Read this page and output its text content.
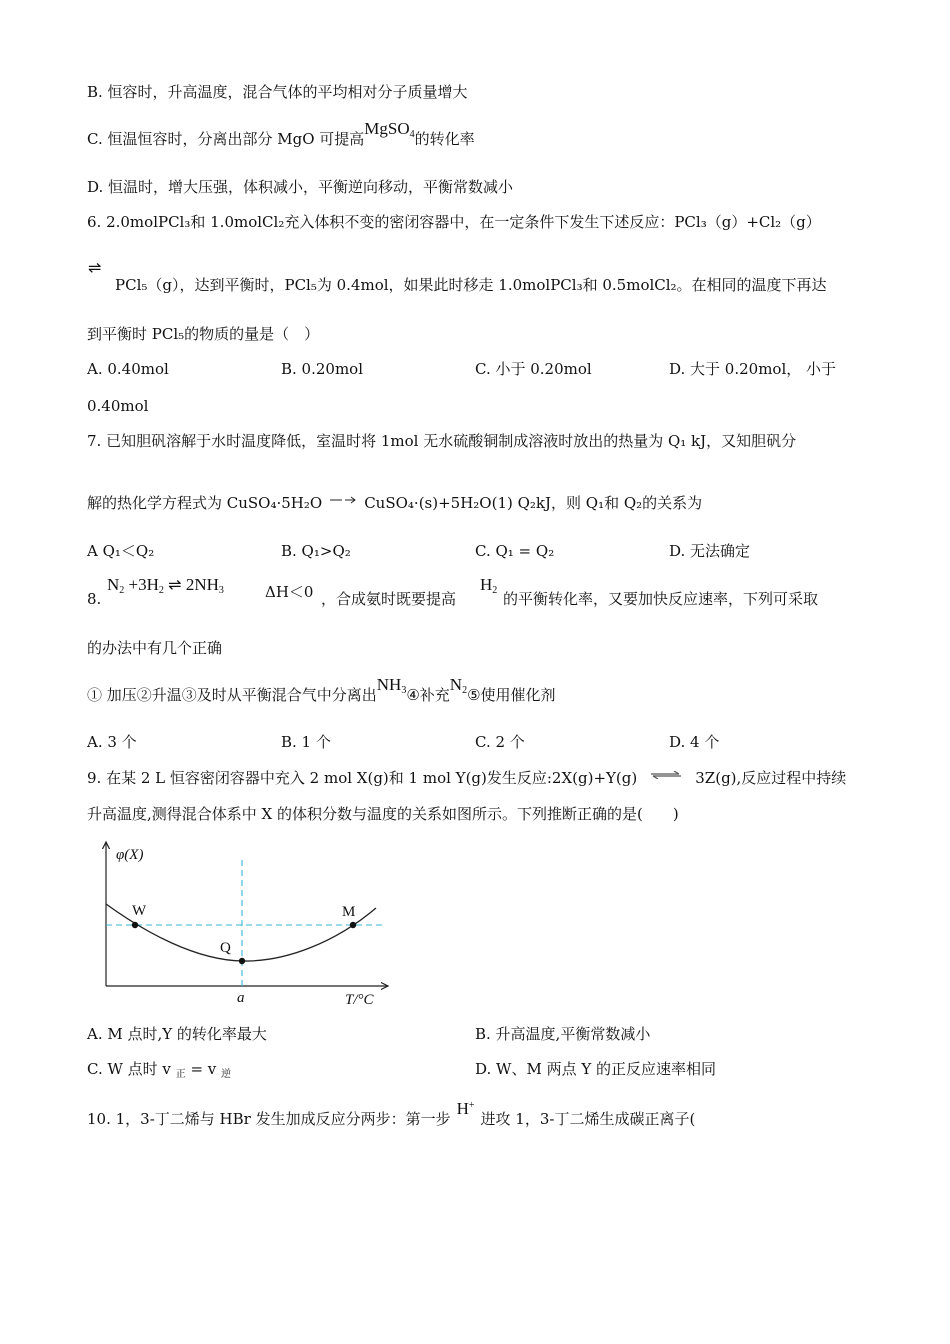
B. 恒容时，升高温度，混合气体的平均相对分子质量增大
C. 恒温恒容时，分离出部分 MgO 可提高MgSO$_4$的转化率
D. 恒温时，增大压强，体积减小，平衡逆向移动，平衡常数减小
6. 2.0molPCl₃和 1.0molCl₂充入体积不变的密闭容器中，在一定条件下发生下述反应：PCl₃（g）+Cl₂（g）
⇌
PCl₅（g），达到平衡时，PCl₅为 0.4mol，如果此时移走 1.0molPCl₃和 0.5molCl₂。在相同的温度下再达
到平衡时 PCl₅的物质的量是（　）
A. 0.40mol	B. 0.20mol	C. 小于 0.20mol	D. 大于 0.20mol， 小于
0.40mol
7. 已知胆矾溶解于水时温度降低，室温时将 1mol 无水硫酸铜制成溶液时放出的热量为 Q₁ kJ，又知胆矾分
解的热化学方程式为 CuSO₄·5H₂O	CuSO₄·(s)+5H₂O(1) Q₂kJ，则 Q₁和 Q₂的关系为
A Q₁＜Q₂	B. Q₁>Q₂	C. Q₁ = Q₂	D. 无法确定
8.
$N_2 +3H_2$ ⇌ $2NH_3$	ΔH＜0 ，合成氨时既要提高
$H_2$ 的平衡转化率，又要加快反应速率，下列可采取
的办法中有几个正确
① 加压②升温③及时从平衡混合气中分离出$NH_3④$补充$N_2⑤$使用催化剂
A. 3 个	B. 1 个	C. 2 个	D. 4 个
9. 在某 2 L 恒容密闭容器中充入 2 mol X(g)和 1 mol Y(g)发生反应:2X(g)+Y(g) ⇌ 3Z(g),反应过程中持续
升高温度,测得混合体系中 X 的体积分数与温度的关系如图所示。下列推断正确的是(　　)
φ(X)
W
Q
M
a	T/°C
A. M 点时,Y 的转化率最大	B. 升高温度,平衡常数减小
C. W 点时 v $_正$ = v $_逆$	D. W、M 两点 Y 的正反应速率相同
10. 1，3-丁二烯与 HBr 发生加成反应分两步：第一步H+进攻 1，3-丁二烯生成碳正离子(
